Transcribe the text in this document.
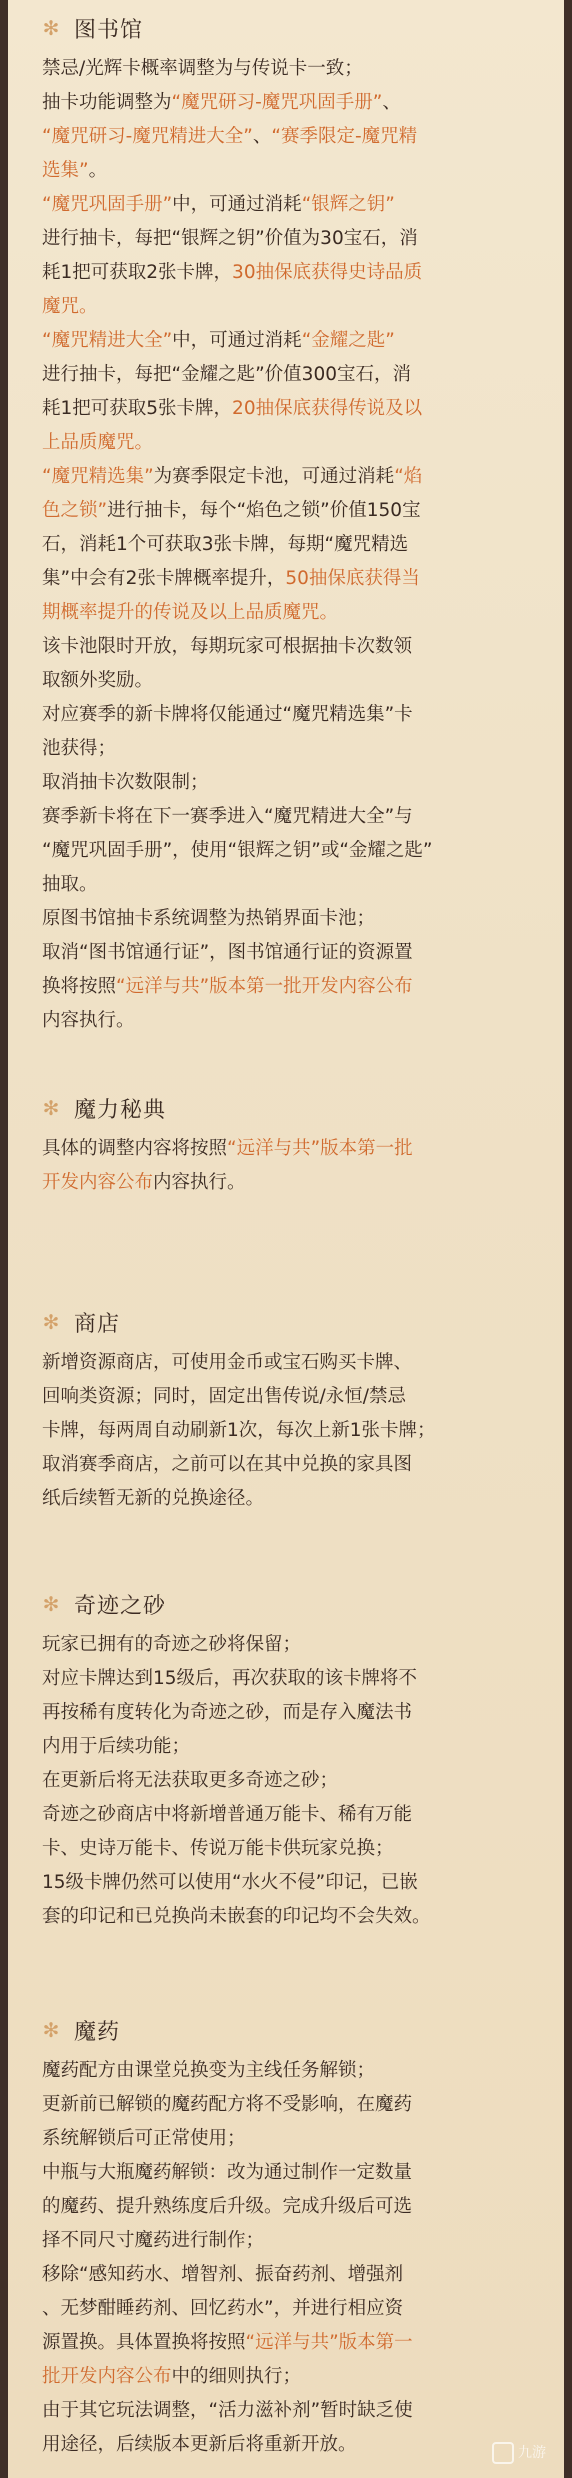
✻ 图书馆

禁忌/光辉卡概率调整为与传说卡一致；

抽卡功能调整为“魔咒研习-魔咒巩固手册”、

“魔咒研习-魔咒精进大全”、“赛季限定-魔咒精

选集”。

“魔咒巩固手册”中，可通过消耗“银辉之钥”

进行抽卡，每把“银辉之钥”价值为30宝石，消

耗1把可获取2张卡牌，30抽保底获得史诗品质

魔咒。

“魔咒精进大全”中，可通过消耗“金耀之匙”

进行抽卡，每把“金耀之匙”价值300宝石，消

耗1把可获取5张卡牌，20抽保底获得传说及以

上品质魔咒。

“魔咒精选集”为赛季限定卡池，可通过消耗“焰

色之锁”进行抽卡，每个“焰色之锁”价值150宝

石，消耗1个可获取3张卡牌，每期“魔咒精选

集”中会有2张卡牌概率提升，50抽保底获得当

期概率提升的传说及以上品质魔咒。

该卡池限时开放，每期玩家可根据抽卡次数领

取额外奖励。

对应赛季的新卡牌将仅能通过“魔咒精选集”卡

池获得；

取消抽卡次数限制；

赛季新卡将在下一赛季进入“魔咒精进大全”与

“魔咒巩固手册”，使用“银辉之钥”或“金耀之匙”

抽取。

原图书馆抽卡系统调整为热销界面卡池；

取消“图书馆通行证”，图书馆通行证的资源置

换将按照“远洋与共”版本第一批开发内容公布

内容执行。

✻ 魔力秘典

具体的调整内容将按照“远洋与共”版本第一批

开发内容公布内容执行。

✻ 商店

新增资源商店，可使用金币或宝石购买卡牌、

回响类资源；同时，固定出售传说/永恒/禁忌

卡牌，每两周自动刷新1次，每次上新1张卡牌；

取消赛季商店，之前可以在其中兑换的家具图

纸后续暂无新的兑换途径。

✻ 奇迹之砂

玩家已拥有的奇迹之砂将保留；

对应卡牌达到15级后，再次获取的该卡牌将不

再按稀有度转化为奇迹之砂，而是存入魔法书

内用于后续功能；

在更新后将无法获取更多奇迹之砂；

奇迹之砂商店中将新增普通万能卡、稀有万能

卡、史诗万能卡、传说万能卡供玩家兑换；

15级卡牌仍然可以使用“水火不侵”印记，已嵌

套的印记和已兑换尚未嵌套的印记均不会失效。

✻ 魔药

魔药配方由课堂兑换变为主线任务解锁；

更新前已解锁的魔药配方将不受影响，在魔药

系统解锁后可正常使用；

中瓶与大瓶魔药解锁：改为通过制作一定数量

的魔药、提升熟练度后升级。完成升级后可选

择不同尺寸魔药进行制作；

移除“感知药水、增智剂、振奋药剂、增强剂

、无梦酣睡药剂、回忆药水”，并进行相应资

源置换。具体置换将按照“远洋与共”版本第一

批开发内容公布中的细则执行；

由于其它玩法调整，“活力滋补剂”暂时缺乏使

用途径，后续版本更新后将重新开放。	九游
